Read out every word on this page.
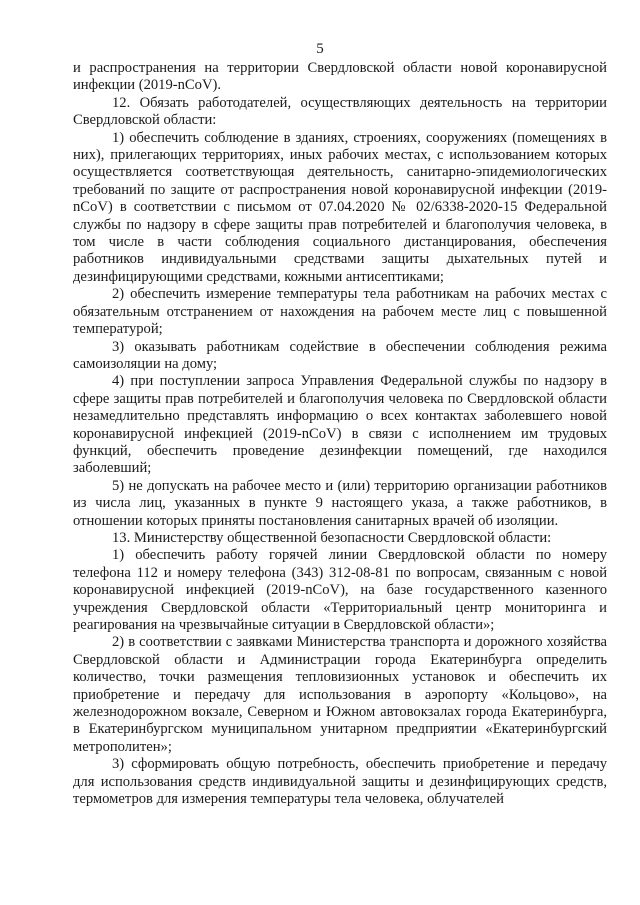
5

и распространения на территории Свердловской области новой коронавирусной инфекции (2019-nCoV).

12. Обязать работодателей, осуществляющих деятельность на территории Свердловской области:

1) обеспечить соблюдение в зданиях, строениях, сооружениях (помещениях в них), прилегающих территориях, иных рабочих местах, с использованием которых осуществляется соответствующая деятельность, санитарно-эпидемиологических требований по защите от распространения новой коронавирусной инфекции (2019-nCoV) в соответствии с письмом от 07.04.2020 № 02/6338-2020-15 Федеральной службы по надзору в сфере защиты прав потребителей и благополучия человека, в том числе в части соблюдения социального дистанцирования, обеспечения работников индивидуальными средствами защиты дыхательных путей и дезинфицирующими средствами, кожными антисептиками;

2) обеспечить измерение температуры тела работникам на рабочих местах с обязательным отстранением от нахождения на рабочем месте лиц с повышенной температурой;

3) оказывать работникам содействие в обеспечении соблюдения режима самоизоляции на дому;

4) при поступлении запроса Управления Федеральной службы по надзору в сфере защиты прав потребителей и благополучия человека по Свердловской области незамедлительно представлять информацию о всех контактах заболевшего новой коронавирусной инфекцией (2019-nCoV) в связи с исполнением им трудовых функций, обеспечить проведение дезинфекции помещений, где находился заболевший;

5) не допускать на рабочее место и (или) территорию организации работников из числа лиц, указанных в пункте 9 настоящего указа, а также работников, в отношении которых приняты постановления санитарных врачей об изоляции.

13. Министерству общественной безопасности Свердловской области:

1) обеспечить работу горячей линии Свердловской области по номеру телефона 112 и номеру телефона (343) 312-08-81 по вопросам, связанным с новой коронавирусной инфекцией (2019-nCoV), на базе государственного казенного учреждения Свердловской области «Территориальный центр мониторинга и реагирования на чрезвычайные ситуации в Свердловской области»;

2) в соответствии с заявками Министерства транспорта и дорожного хозяйства Свердловской области и Администрации города Екатеринбурга определить количество, точки размещения тепловизионных установок и обеспечить их приобретение и передачу для использования в аэропорту «Кольцово», на железнодорожном вокзале, Северном и Южном автовокзалах города Екатеринбурга, в Екатеринбургском муниципальном унитарном предприятии «Екатеринбургский метрополитен»;

3) сформировать общую потребность, обеспечить приобретение и передачу для использования средств индивидуальной защиты и дезинфицирующих средств, термометров для измерения температуры тела человека, облучателей
